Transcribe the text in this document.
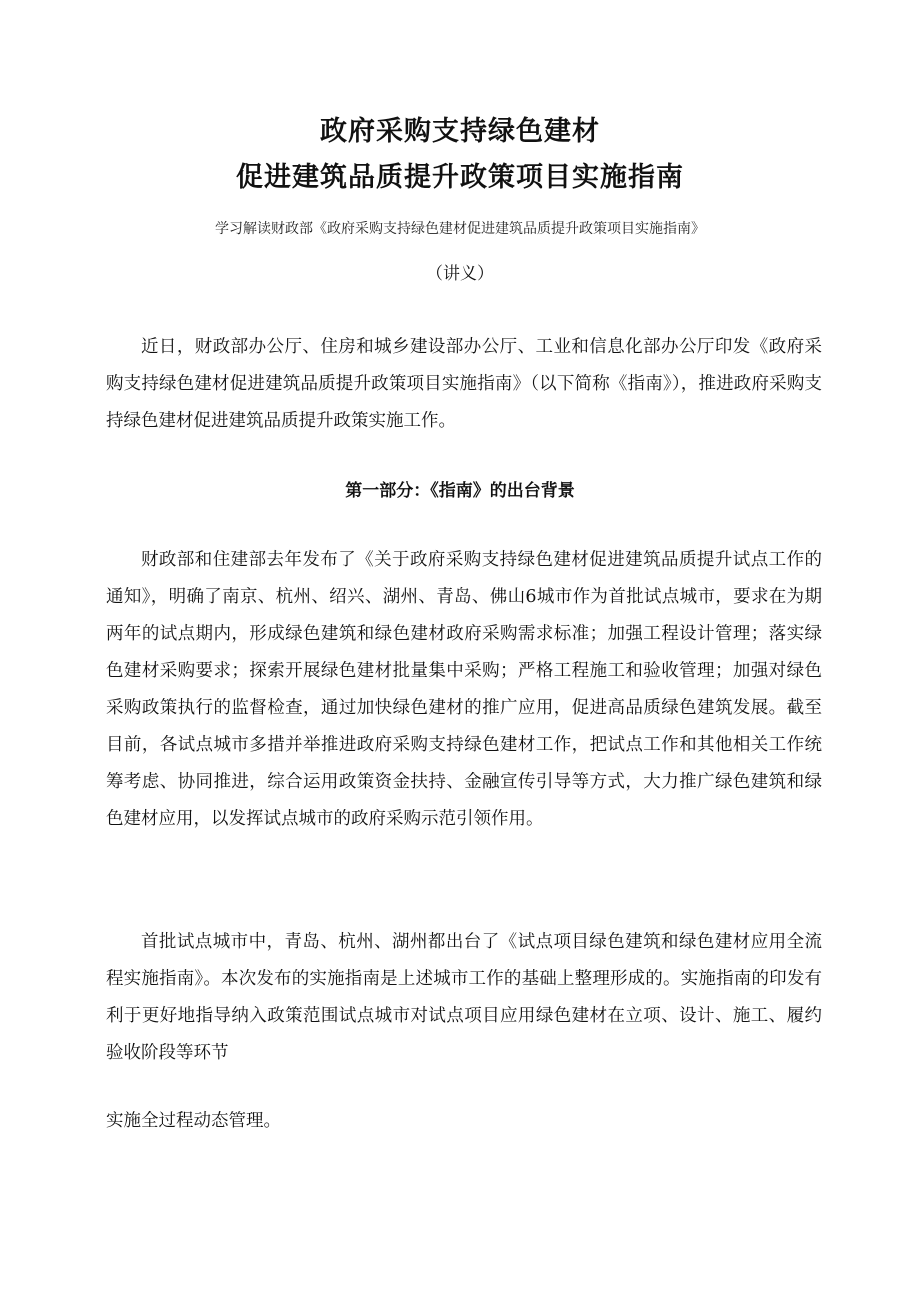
政府采购支持绿色建材
促进建筑品质提升政策项目实施指南
学习解读财政部《政府采购支持绿色建材促进建筑品质提升政策项目实施指南》
（讲义）

近日，财政部办公厅、住房和城乡建设部办公厅、工业和信息化部办公厅印发《政府采购支持绿色建材促进建筑品质提升政策项目实施指南》（以下简称《指南》），推进政府采购支持绿色建材促进建筑品质提升政策实施工作。

第一部分：《指南》的出台背景

财政部和住建部去年发布了《关于政府采购支持绿色建材促进建筑品质提升试点工作的通知》，明确了南京、杭州、绍兴、湖州、青岛、佛山6城市作为首批试点城市，要求在为期两年的试点期内，形成绿色建筑和绿色建材政府采购需求标准；加强工程设计管理；落实绿色建材采购要求；探索开展绿色建材批量集中采购；严格工程施工和验收管理；加强对绿色采购政策执行的监督检查，通过加快绿色建材的推广应用，促进高品质绿色建筑发展。截至目前，各试点城市多措并举推进政府采购支持绿色建材工作，把试点工作和其他相关工作统筹考虑、协同推进，综合运用政策资金扶持、金融宣传引导等方式，大力推广绿色建筑和绿色建材应用，以发挥试点城市的政府采购示范引领作用。

首批试点城市中，青岛、杭州、湖州都出台了《试点项目绿色建筑和绿色建材应用全流程实施指南》。本次发布的实施指南是上述城市工作的基础上整理形成的。实施指南的印发有利于更好地指导纳入政策范围试点城市对试点项目应用绿色建材在立项、设计、施工、履约验收阶段等环节

实施全过程动态管理。
